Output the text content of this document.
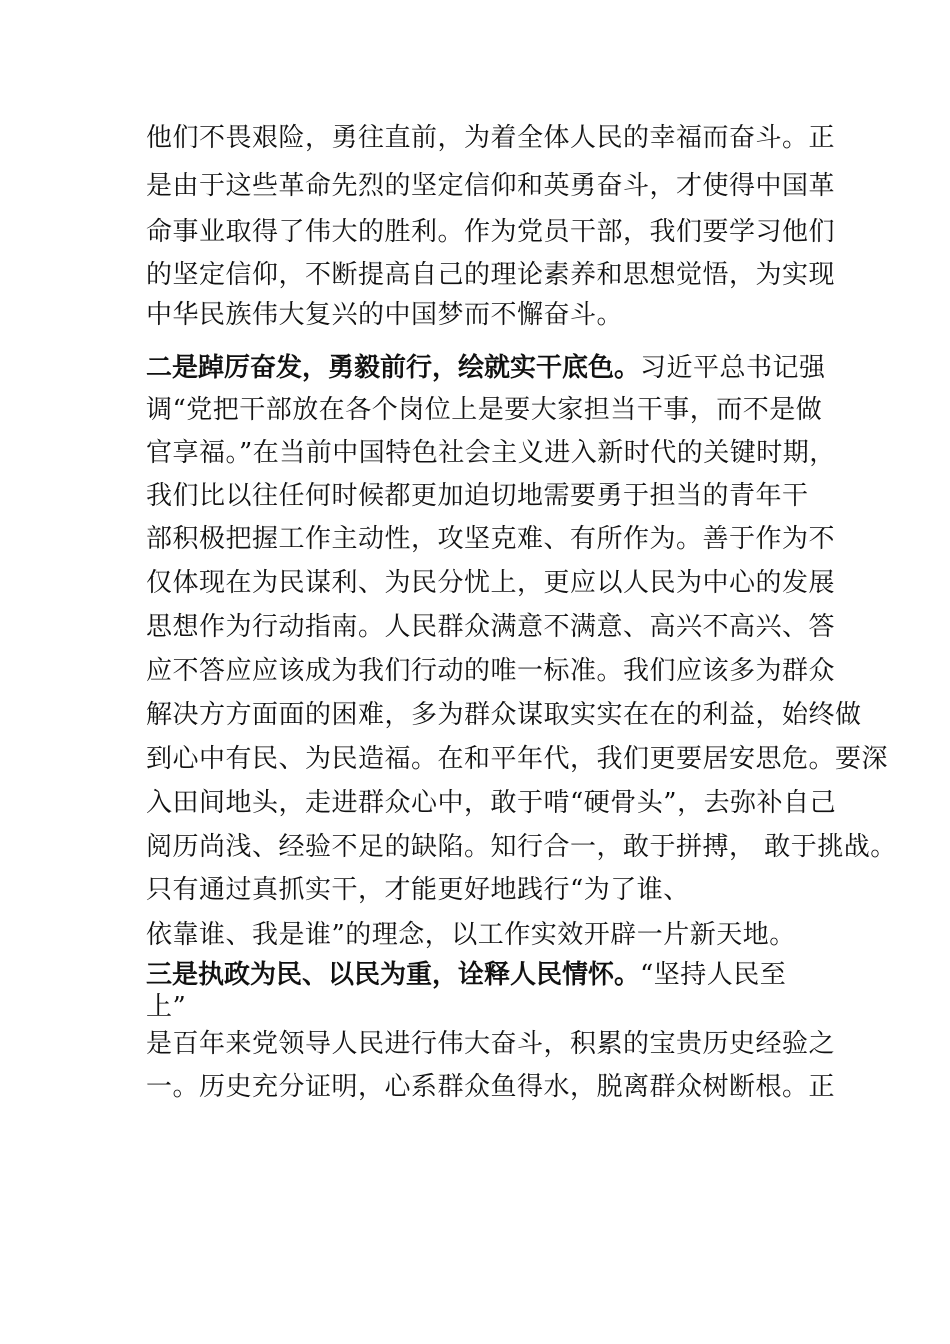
他们不畏艰险，勇往直前，为着全体人民的幸福而奋斗。正
是由于这些革命先烈的坚定信仰和英勇奋斗，才使得中国革
命事业取得了伟大的胜利。作为党员干部，我们要学习他们
的坚定信仰，不断提高自己的理论素养和思想觉悟，为实现
中华民族伟大复兴的中国梦而不懈奋斗。
二是踔厉奋发，勇毅前行，绘就实干底色。习近平总书记强
调“党把干部放在各个岗位上是要大家担当干事，而不是做
官享福。”在当前中国特色社会主义进入新时代的关键时期，
我们比以往任何时候都更加迫切地需要勇于担当的青年干
部积极把握工作主动性，攻坚克难、有所作为。善于作为不
仅体现在为民谋利、为民分忧上，更应以人民为中心的发展
思想作为行动指南。人民群众满意不满意、高兴不高兴、答
应不答应应该成为我们行动的唯一标准。我们应该多为群众
解决方方面面的困难，多为群众谋取实实在在的利益，始终做
到心中有民、为民造福。在和平年代，我们更要居安思危。要深
入田间地头，走进群众心中，敢于啃“硬骨头”，去弥补自己
阅历尚浅、经验不足的缺陷。知行合一，敢于拼搏， 敢于挑战。
只有通过真抓实干，才能更好地践行“为了谁、
依靠谁、我是谁”的理念，以工作实效开辟一片新天地。
三是执政为民、以民为重，诠释人民情怀。“坚持人民至
上”
是百年来党领导人民进行伟大奋斗，积累的宝贵历史经验之
一。历史充分证明，心系群众鱼得水，脱离群众树断根。正
